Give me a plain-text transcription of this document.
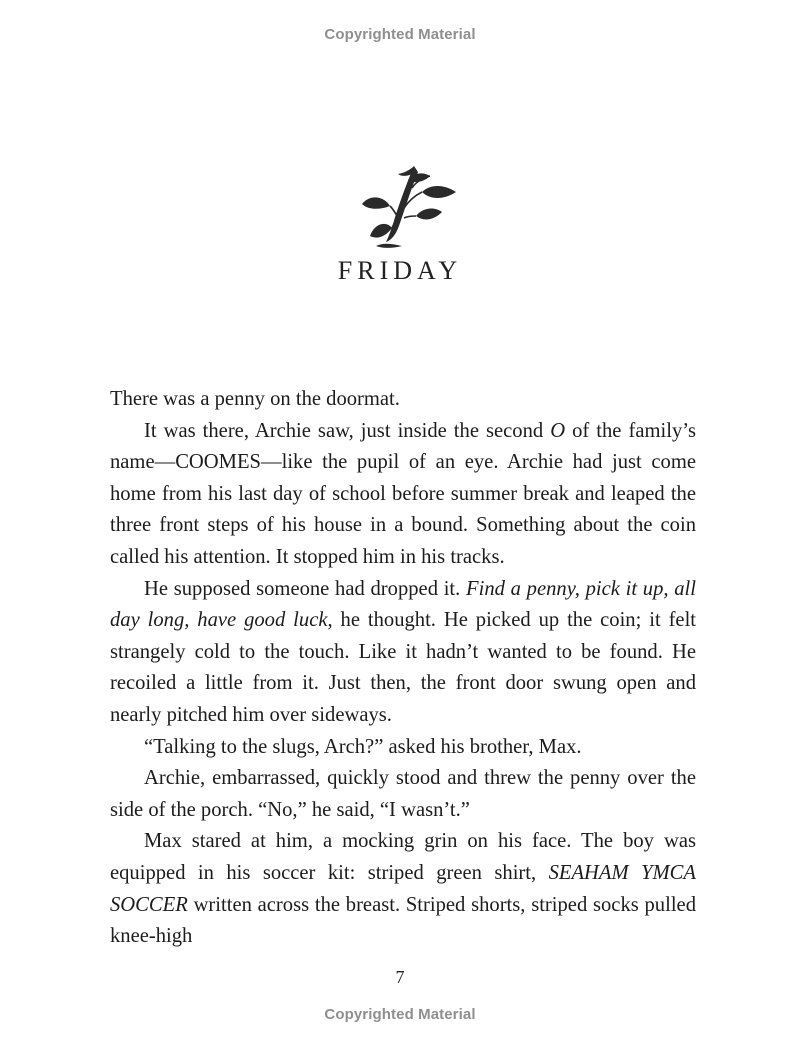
Copyrighted Material
FRIDAY

There was a penny on the doormat.

It was there, Archie saw, just inside the second O of the family’s name—COOMES—like the pupil of an eye. Archie had just come home from his last day of school before summer break and leaped the three front steps of his house in a bound. Something about the coin called his attention. It stopped him in his tracks.

He supposed someone had dropped it. Find a penny, pick it up, all day long, have good luck, he thought. He picked up the coin; it felt strangely cold to the touch. Like it hadn’t wanted to be found. He recoiled a little from it. Just then, the front door swung open and nearly pitched him over sideways.

“Talking to the slugs, Arch?” asked his brother, Max.

Archie, embarrassed, quickly stood and threw the penny over the side of the porch. “No,” he said, “I wasn’t.”

Max stared at him, a mocking grin on his face. The boy was equipped in his soccer kit: striped green shirt, SEAHAM YMCA SOCCER written across the breast. Striped shorts, striped socks pulled knee-high

7
Copyrighted Material
